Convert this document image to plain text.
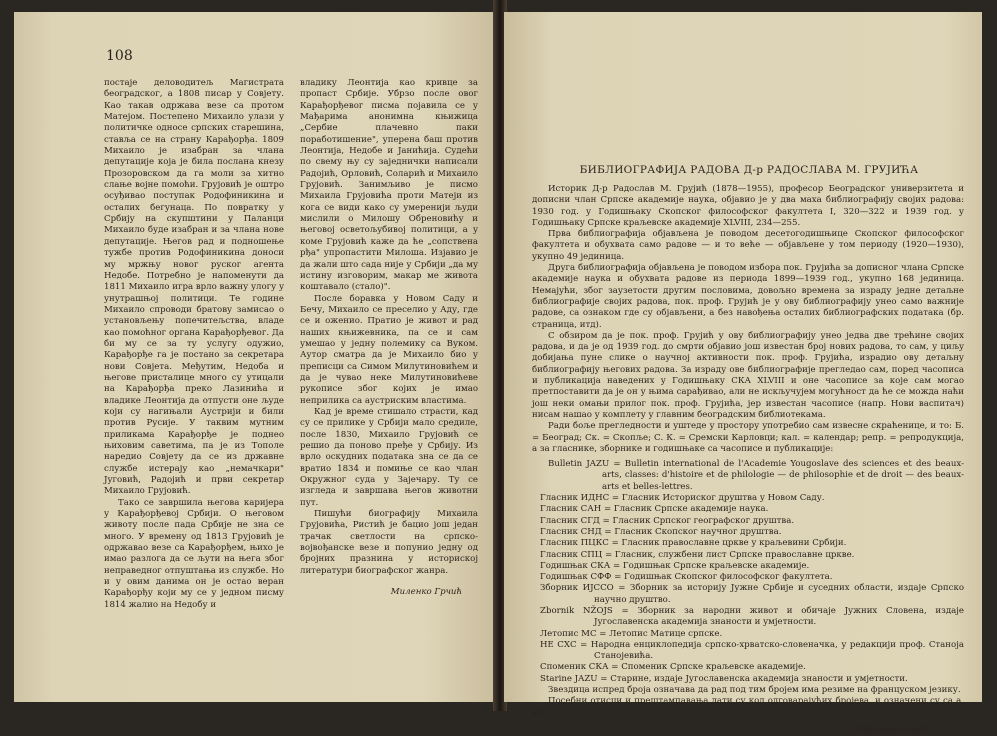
108

постаје деловодитељ Магистрата београдског, а 1808 писар у Совјету. Као такав одржава везе са протом Матејом. Постепено Михаило улази у политичке односе српских старешина, ставља се на страну Карађорђа. 1809 Михаило је изабран за члана депутације која је била послана кнезу Прозоровском да га моли за хитно слање војне помоћи. Грујовић је оштро осуђивао поступак Родофиникина и осталих бегунаца. По повратку у Србију на скупштини у Паланци Михаило буде изабран и за члана нове депутације. Његов рад и подношење тужбе против Родофиникина доноси му мржњу новог руског агента Недобе. Потребно је напоменути да 1811 Михаило игра врло важну улогу у унутрашњој политици. Те године Михаило спроводи братову замисао о установљењу попечитељства, владе као помоћног органа Карађорђевог. Да би му се за ту услугу одужио, Карађорђе га је постано за секретара нови Совјета. Међутим, Недоба и његове присталице много су утицали на Карађорђа преко Лазинића и владике Леонтија да отпусти оне људе који су нагињали Аустрији и били против Русије. У таквим мутним приликама Карађорђе је поднео њиховим саветима, па је из Тополе наредио Совјету да се из државне службе истерају као „немачкари" Југовић, Радојић и први секретар Михаило Грујовић.

Тако се завршила његова каријера у Карађорђевој Србији. О његовом животу после пада Србије не зна се много. У времену од 1813 Грујовић је одржавао везе са Карађорђем, њихо је имао разлога да се љути на њега због неправедног отпуштања из службе. Но и у овим данима он је остао веран Карађорђу који му се у једном писму 1814 жалио на Недобу и

владику Леонтија као кривце за пропаст Србије. Убрзо после овог Карађорђевог писма појавила се у Мађарима анонимна књижица „Сербие плачевно паки поработишение", уперена баш против Леонтија, Недобе и Јанићија. Судећи по свему њу су заједнички написали Радојић, Орловић, Соларић и Михаило Грујовић. Занимљиво је писмо Михаила Грујовића проти Матеји из кога се види како су умеренији људи мислили о Милошу Обреновићу и његовој осветољубивој политици, а у коме Грујовић каже да ће „сопствена рђа" упропастити Милоша. Изјавио је да жали што сада није у Србији „да му истину изговорим, макар ме живота коштавало (стало)".

После боравка у Новом Саду и Бечу, Михаило се преселио у Аду, где се и оженио. Пратио је живот и рад наших књижевника, па се и сам умешао у једну полемику са Вуком. Аутор сматра да је Михаило био у преписци са Симом Милутиновићем и да је чувао неке Милутиновићеве рукописе због којих је имао неприлика са аустриским властима.

Кад је време стишало страсти, кад су се прилике у Србији мало средиле, после 1830, Михаило Грујовић се решио да поново пређе у Србију. Из врло оскудних података зна се да се вратио 1834 и помиње се као члан Окружног суда у Зајечару. Ту се изгледа и завршава његов животни пут.

Пишући биографију Михаила Грујовића, Ристић је бацио још један трачак светлости на српско-војвођанске везе и попунио једну од бројних празнина у историској литератури биографског жанра.

Миленко Грчић

БИБЛИОГРАФИЈА РАДОВА Д-р РАДОСЛАВА М. ГРУЈИЋА

Историк Д-р Радослав М. Грујић (1878—1955), професор Београдског универзитета и дописни члан Српске академије наука, објавио је у два маха библиографију својих радова: 1930 год. у Годишњаку Скопског философског факултета I, 320—322 и 1939 год. у Годишњаку Српске краљевске академије XLVIII, 234—255.

Прва библиографија објављена је поводом десетогодишњице Скопског философског факултета и обухвата само радове — и то веће — објављене у том периоду (1920—1930), укупно 49 јединица.

Друга библиографија објављена је поводом избора пок. Грујића за дописног члана Српске академије наука и обухвата радове из периода 1899—1939 год., укупно 168 јединица. Немајући, због заузетости другим пословима, довољно времена за израду једне детаљне библиографије својих радова, пок. проф. Грујић је у ову библиографију унео само важније радове, са ознаком где су објављени, а без навођења осталих библиографских података (бр. страница, итд).

С обзиром да је пок. проф. Грујић у ову библиографију унео једва две трећине својих радова, и да је од 1939 год. до смрти објавио још известан број нових радова, то сам, у циљу добијања пуне слике о научној активности пок. проф. Грујића, израдио ову детаљну библиографију његових радова. За израду ове библиографије прегледао сам, поред часописа и публикација наведених у Годишњаку СКА XLVIII и оне часописе за које сам могао претпоставити да је он у њима сарађивао, али не искључујем могућност да ће се можда наћи још неки омањи прилог пок. проф. Грујића, јер известан часописе (напр. Нови васпитач) нисам нашао у комплету у главним београдским библиотекама.

Ради боље прегледности и уштеде у простору употребио сам извесне скраћенице, и то: Б. = Београд; Ск. = Скопље; С. К. = Сремски Карловци; кал. = календар; репр. = репродукција, а за гласнике, зборнике и годишњаке са часописе и публикације:

Bulletin JAZU = Bulletin international de l'Academie Yougoslave des sciences et des beaux-arts, classes: d'histoire et de philologie — de philosophie et de droit — des beaux-arts et belles-lettres.
Гласник ИДНС = Гласник Историског друштва у Новом Саду.
Гласник САН = Гласник Српске академије наука.
Гласник СГД = Гласник Српског географског друштва.
Гласник СНД = Гласник Скопског научног друштва.
Гласник ПЦКС = Гласник православне цркве у краљевини Србији.
Гласник СПЦ = Гласник, службени лист Српске православне цркве.
Годишњак СКА = Годишњак Српске краљевске академије.
Годишњак СФФ = Годишњак Скопског философског факултета.
Зборник ИЈССО = Зборник за историју Јужне Србије и суседних области, издаје Српско научно друштво.
Zbornik NŽOJS = Зборник за народни живот и обичаје Јужних Словена, издаје Југославенска академија знаности и умјетности.
Летопис МС = Летопис Матице српске.
НЕ СХС = Народна енциклопедија српско-хрватско-словеначка, у редакцији проф. Станоја Станојевића.
Споменик СКА = Споменик Српске краљевске академије.
Starine JAZU = Старине, издаје Југославенска академија знаности и умјетности.

Звездица испред броја означава да рад под тим бројем има резиме на француском језику.

Посебни отисци и прештампавања дати су код одговарајућих бројева, и означени су са а. и б.

Љубомир Никић
